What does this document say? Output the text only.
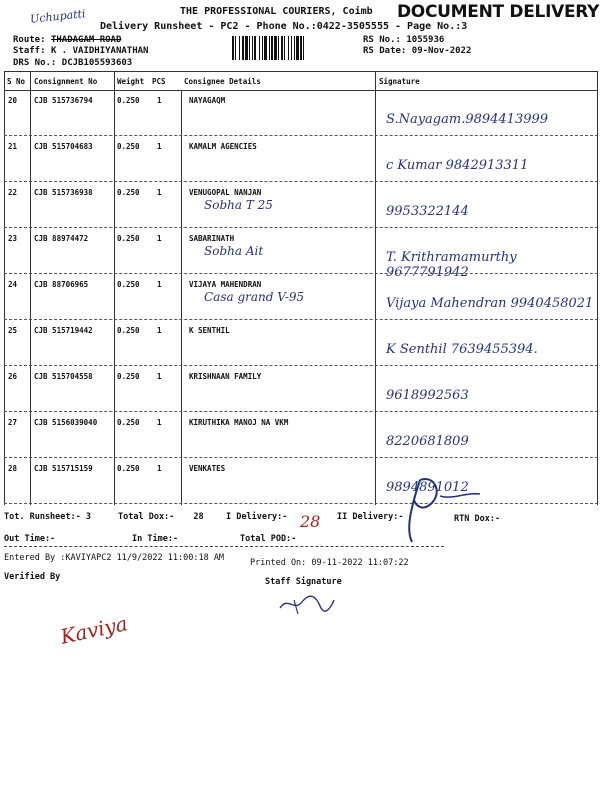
Uchupatti	THE PROFESSIONAL COURIERS, Coimb DOCUMENT DELIVERY
Delivery Runsheet - PC2 - Phone No.:0422-3505555 - Page No.:3
Route: THADAGAM ROAD
Staff: K . VAIDHIYANATHAN
DRS No.: DCJB105593603
RS No.: 1055936
RS Date: 09-Nov-2022
S No Consignment No	Weight PCS Consignee Details	Signature
20 CJB 515736794	0.250 1	NAYAGAQM
S.Nayagam.9894413999
21 CJB 515704683	0.250 1	KAMALM AGENCIES
c Kumar 9842913311
22 CJB 515736938	0.250 1	VENUGOPAL NANJAN
Sobha T 25	9953322144
23 CJB 88974472	0.250 1	SABARINATH
Sobha Ait	T. Krithramamurthy 9677791942
24 CJB 88706965	0.250 1	VIJAYA MAHENDRAN
Casa grand V-95	Vijaya Mahendran 9940458021
25 CJB 515719442	0.250 1	K SENTHIL
K Senthil 7639455394.
26 CJB 515704558	0.250 1	KRISHNAAN FAMILY
9618992563
27 CJB 5156039040	0.250 1	KIRUTHIKA MANOJ NA VKM
8220681809
28 CJB 515715159	0.250 1	VENKATES
9894891012
Tot. Runsheet:- 3	Total Dox:- 28	I Delivery:- 28 II Delivery:-	RTN Dox:-
Out Time:-	In Time:-	Total POD:-
Entered By :KAVIYAPC2 11/9/2022 11:00:18 AM	Printed On: 09-11-2022 11:07:22
Verified By	Staff Signature
Kaviya
